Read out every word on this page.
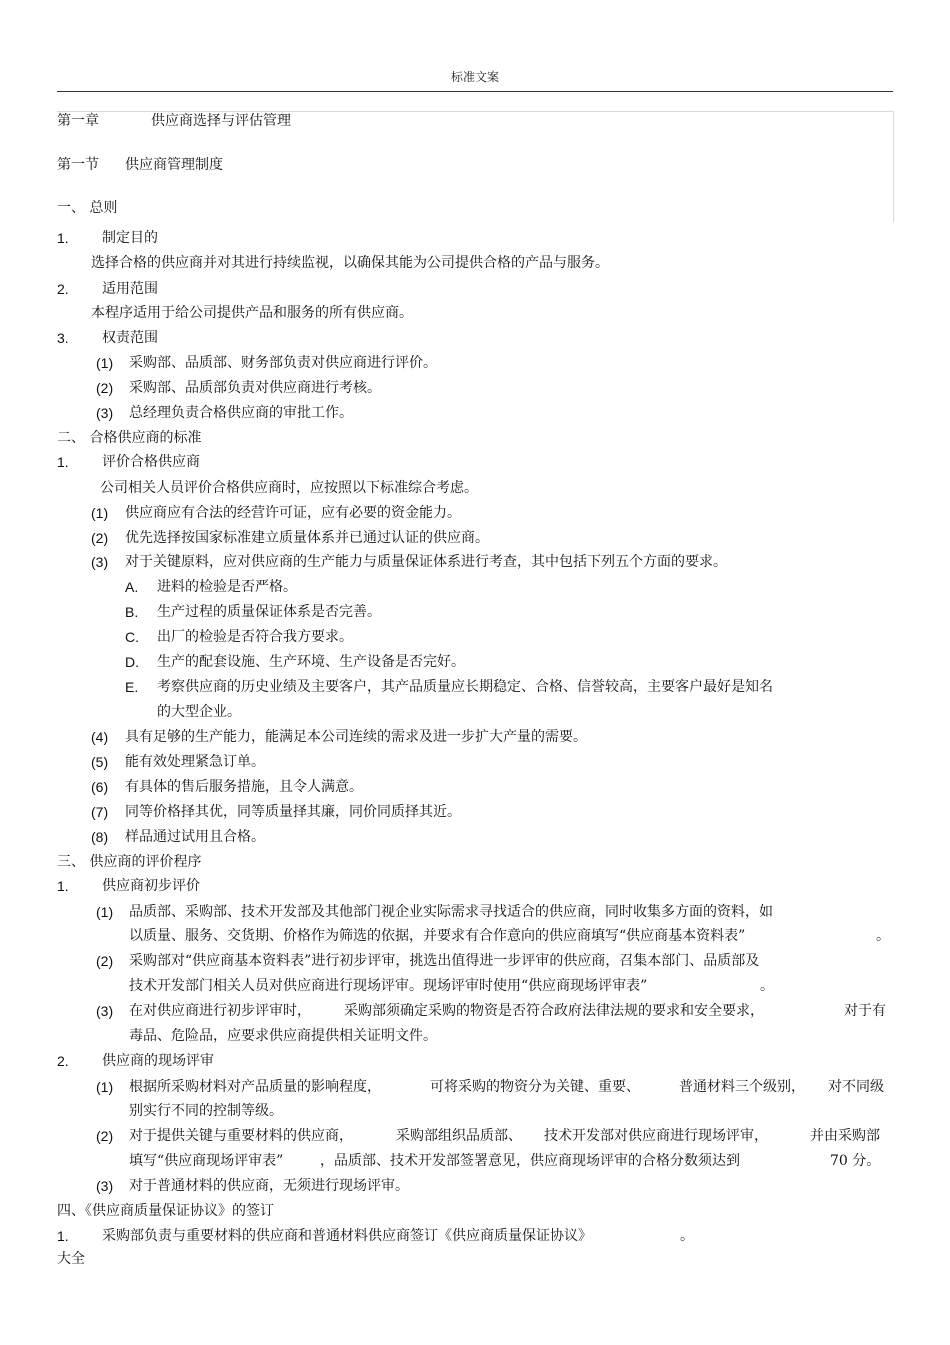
标准文案
第一章	供应商选择与评估管理
第一节 供应商管理制度
一、 总则
1. 制定目的
选择合格的供应商并对其进行持续监视，以确保其能为公司提供合格的产品与服务。
2. 适用范围
本程序适用于给公司提供产品和服务的所有供应商。
3. 权责范围
(1) 采购部、品质部、财务部负责对供应商进行评价。
(2) 采购部、品质部负责对供应商进行考核。
(3) 总经理负责合格供应商的审批工作。
二、 合格供应商的标准
1. 评价合格供应商
公司相关人员评价合格供应商时，应按照以下标准综合考虑。
(1) 供应商应有合法的经营许可证，应有必要的资金能力。
(2) 优先选择按国家标准建立质量体系并已通过认证的供应商。
(3) 对于关键原料，应对供应商的生产能力与质量保证体系进行考查，其中包括下列五个方面的要求。
A. 进料的检验是否严格。
B. 生产过程的质量保证体系是否完善。
C. 出厂的检验是否符合我方要求。
D. 生产的配套设施、生产环境、生产设备是否完好。
E. 考察供应商的历史业绩及主要客户，其产品质量应长期稳定、合格、信誉较高，主要客户最好是知名
的大型企业。
(4) 具有足够的生产能力，能满足本公司连续的需求及进一步扩大产量的需要。
(5) 能有效处理紧急订单。
(6) 有具体的售后服务措施，且令人满意。
(7) 同等价格择其优，同等质量择其廉，同价同质择其近。
(8) 样品通过试用且合格。
三、 供应商的评价程序
1. 供应商初步评价
(1) 品质部、采购部、技术开发部及其他部门视企业实际需求寻找适合的供应商，同时收集多方面的资料，如
以质量、服务、交货期、价格作为筛选的依据，并要求有合作意向的供应商填写“供应商基本资料表”	。
(2) 采购部对“供应商基本资料表”进行初步评审，挑选出值得进一步评审的供应商，召集本部门、品质部及
技术开发部门相关人员对供应商进行现场评审。现场评审时使用“供应商现场评审表”	。
(3) 在对供应商进行初步评审时， 采购部须确定采购的物资是否符合政府法律法规的要求和安全要求，	对于有
毒品、危险品，应要求供应商提供相关证明文件。
2. 供应商的现场评审
(1) 根据所采购材料对产品质量的影响程度，	可将采购的物资分为关键、重要、	普通材料三个级别， 对不同级
别实行不同的控制等级。
(2) 对于提供关键与重要材料的供应商，	采购部组织品质部、 技术开发部对供应商进行现场评审，	并由采购部
填写“供应商现场评审表”	，品质部、技术开发部签署意见，供应商现场评审的合格分数须达到	70 分。
(3) 对于普通材料的供应商，无须进行现场评审。
四、《供应商质量保证协议》的签订
1. 采购部负责与重要材料的供应商和普通材料供应商签订《供应商质量保证协议》	。
大全
